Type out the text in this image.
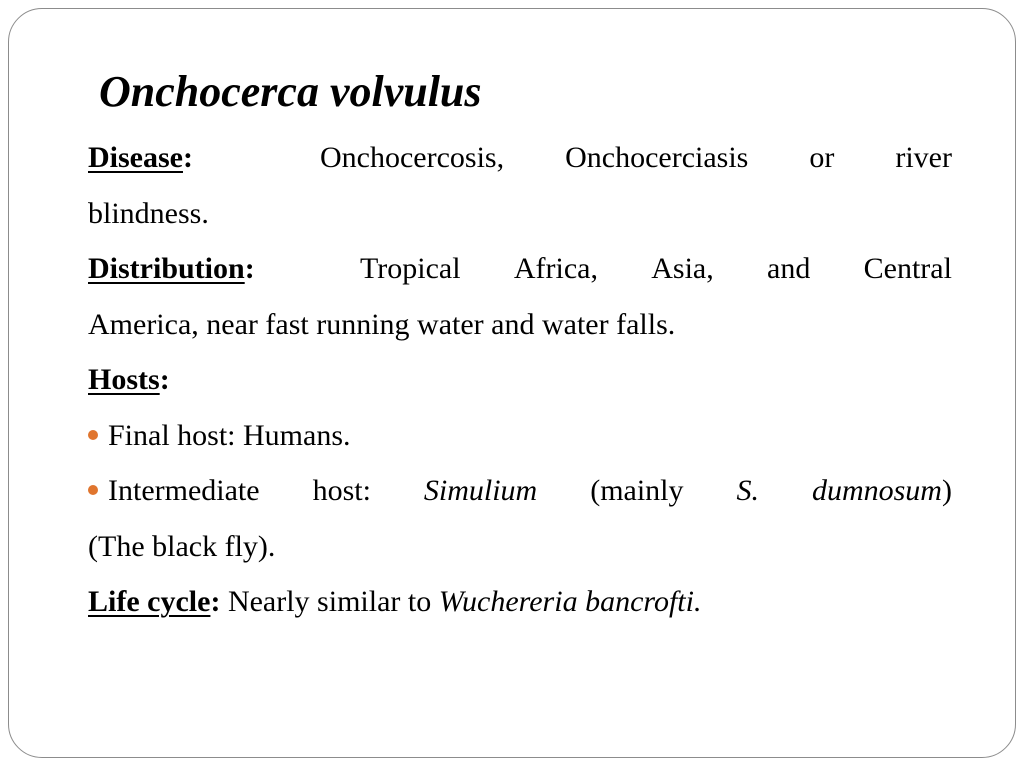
Onchocerca volvulus
Disease:	Onchocercosis, Onchocerciasis or river
blindness.
Distribution:	Tropical Africa, Asia, and Central
America, near fast running water and water falls.
Hosts:
Final host: Humans.
Intermediate host: Simulium (mainly S. dumnosum)
(The black fly).
Life cycle: Nearly similar to Wuchereria bancrofti.
